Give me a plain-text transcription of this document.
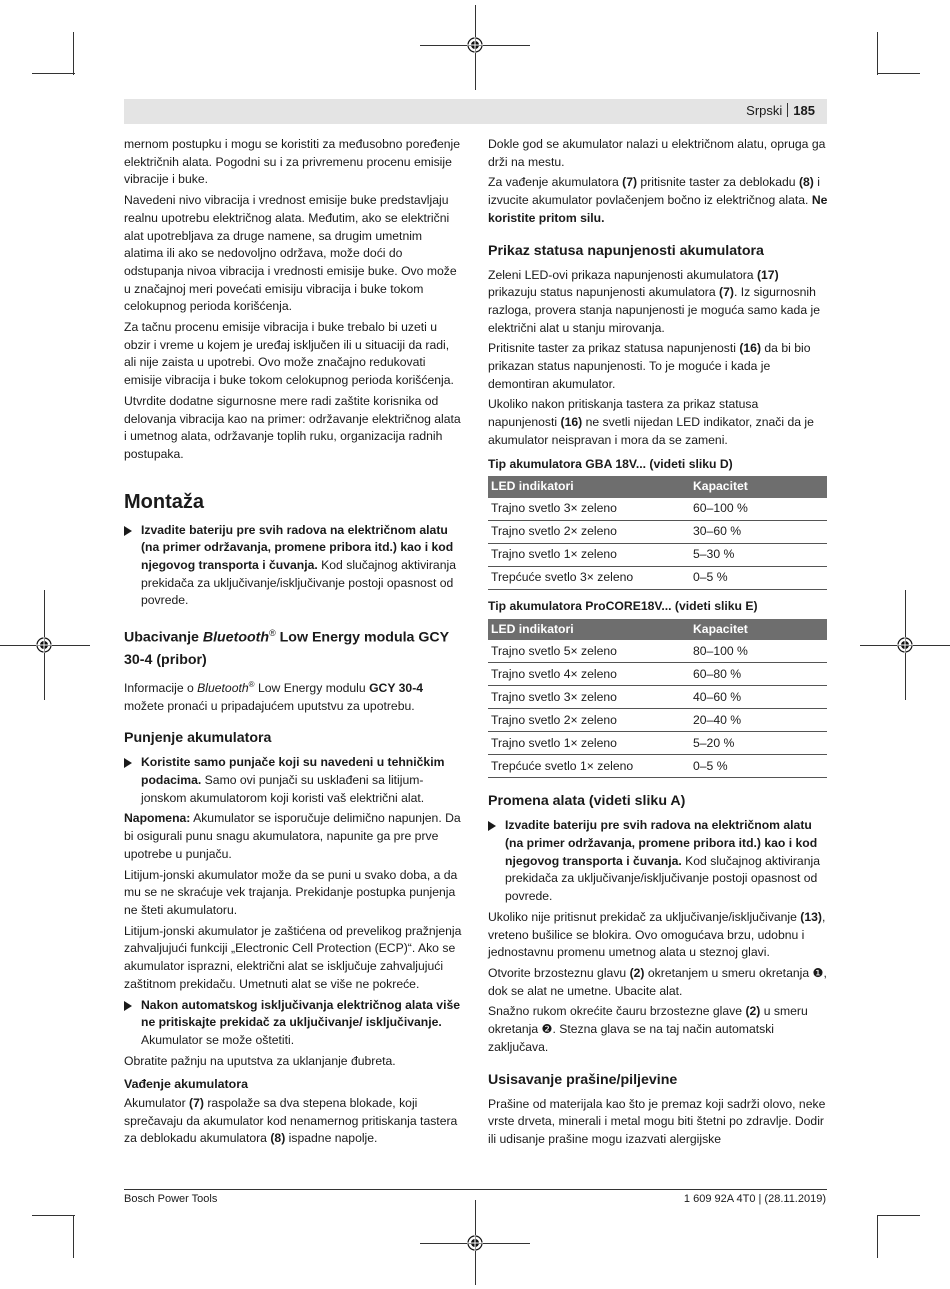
Srpski 185

mernom postupku i mogu se koristiti za međusobno poređenje električnih alata. Pogodni su i za privremenu procenu emisije vibracije i buke.

Navedeni nivo vibracija i vrednost emisije buke predstavljaju realnu upotrebu električnog alata. Međutim, ako se električni alat upotrebljava za druge namene, sa drugim umetnim alatima ili ako se nedovoljno održava, može doći do odstupanja nivoa vibracija i vrednosti emisije buke. Ovo može u značajnoj meri povećati emisiju vibracija i buke tokom celokupnog perioda korišćenja.

Za tačnu procenu emisije vibracija i buke trebalo bi uzeti u obzir i vreme u kojem je uređaj isključen ili u situaciji da radi, ali nije zaista u upotrebi. Ovo može značajno redukovati emisije vibracija i buke tokom celokupnog perioda korišćenja.

Utvrdite dodatne sigurnosne mere radi zaštite korisnika od delovanja vibracija kao na primer: održavanje električnog alata i umetnog alata, održavanje toplih ruku, organizacija radnih postupaka.

Montaža
Izvadite bateriju pre svih radova na električnom alatu (na primer održavanja, promene pribora itd.) kao i kod njegovog transporta i čuvanja. Kod slučajnog aktiviranja prekidača za uključivanje/isključivanje postoji opasnost od povrede.
Ubacivanje Bluetooth® Low Energy modula GCY 30-4 (pribor)

Informacije o Bluetooth® Low Energy modulu GCY 30-4 možete pronaći u pripadajućem uputstvu za upotrebu.

Punjenje akumulatora
Koristite samo punjače koji su navedeni u tehničkim podacima. Samo ovi punjači su usklađeni sa litijum-jonskom akumulatorom koji koristi vaš električni alat.

Napomena: Akumulator se isporučuje delimično napunjen. Da bi osigurali punu snagu akumulatora, napunite ga pre prve upotrebe u punjaču.

Litijum-jonski akumulator može da se puni u svako doba, a da mu se ne skraćuje vek trajanja. Prekidanje postupka punjenja ne šteti akumulatoru.

Litijum-jonski akumulator je zaštićena od prevelikog pražnjenja zahvaljujući funkciji „Electronic Cell Protection (ECP)“. Ako se akumulator isprazni, električni alat se isključuje zahvaljujući zaštitnom prekidaču. Umetnuti alat se više ne pokreće.

Nakon automatskog isključivanja električnog alata više ne pritiskajte prekidač za uključivanje/ isključivanje. Akumulator se može oštetiti.

Obratite pažnju na uputstva za uklanjanje đubreta.

Vađenje akumulatora

Akumulator (7) raspolaže sa dva stepena blokade, koji sprečavaju da akumulator kod nenamernog pritiskanja tastera za deblokadu akumulatora (8) ispadne napolje.

Dokle god se akumulator nalazi u električnom alatu, opruga ga drži na mestu.

Za vađenje akumulatora (7) pritisnite taster za deblokadu (8) i izvucite akumulator povlačenjem bočno iz električnog alata. Ne koristite pritom silu.

Prikaz statusa napunjenosti akumulatora

Zeleni LED-ovi prikaza napunjenosti akumulatora (17) prikazuju status napunjenosti akumulatora (7). Iz sigurnosnih razloga, provera stanja napunjenosti je moguća samo kada je električni alat u stanju mirovanja.

Pritisnite taster za prikaz statusa napunjenosti (16) da bi bio prikazan status napunjenosti. To je moguće i kada je demontiran akumulator.

Ukoliko nakon pritiskanja tastera za prikaz statusa napunjenosti (16) ne svetli nijedan LED indikator, znači da je akumulator neispravan i mora da se zameni.

Tip akumulatora GBA 18V... (videti sliku D)
LED indikatori	Kapacitet
Trajno svetlo 3× zeleno	60–100 %
Trajno svetlo 2× zeleno	30–60 %
Trajno svetlo 1× zeleno	5–30 %
Trepćuće svetlo 3× zeleno	0–5 %
Tip akumulatora ProCORE18V... (videti sliku E)
LED indikatori	Kapacitet
Trajno svetlo 5× zeleno	80–100 %
Trajno svetlo 4× zeleno	60–80 %
Trajno svetlo 3× zeleno	40–60 %
Trajno svetlo 2× zeleno	20–40 %
Trajno svetlo 1× zeleno	5–20 %
Trepćuće svetlo 1× zeleno	0–5 %
Promena alata (videti sliku A)
Izvadite bateriju pre svih radova na električnom alatu (na primer održavanja, promene pribora itd.) kao i kod njegovog transporta i čuvanja. Kod slučajnog aktiviranja prekidača za uključivanje/isključivanje postoji opasnost od povrede.

Ukoliko nije pritisnut prekidač za uključivanje/isključivanje (13), vreteno bušilice se blokira. Ovo omogućava brzu, udobnu i jednostavnu promenu umetnog alata u steznoj glavi.

Otvorite brzosteznu glavu (2) okretanjem u smeru okretanja ❶, dok se alat ne umetne. Ubacite alat.

Snažno rukom okrećite čauru brzostezne glave (2) u smeru okretanja ❷. Stezna glava se na taj način automatski zaključava.

Usisavanje prašine/piljevine

Prašine od materijala kao što je premaz koji sadrži olovo, neke vrste drveta, minerali i metal mogu biti štetni po zdravlje. Dodir ili udisanje prašine mogu izazvati alergijske

Bosch Power Tools	1 609 92A 4T0 | (28.11.2019)
